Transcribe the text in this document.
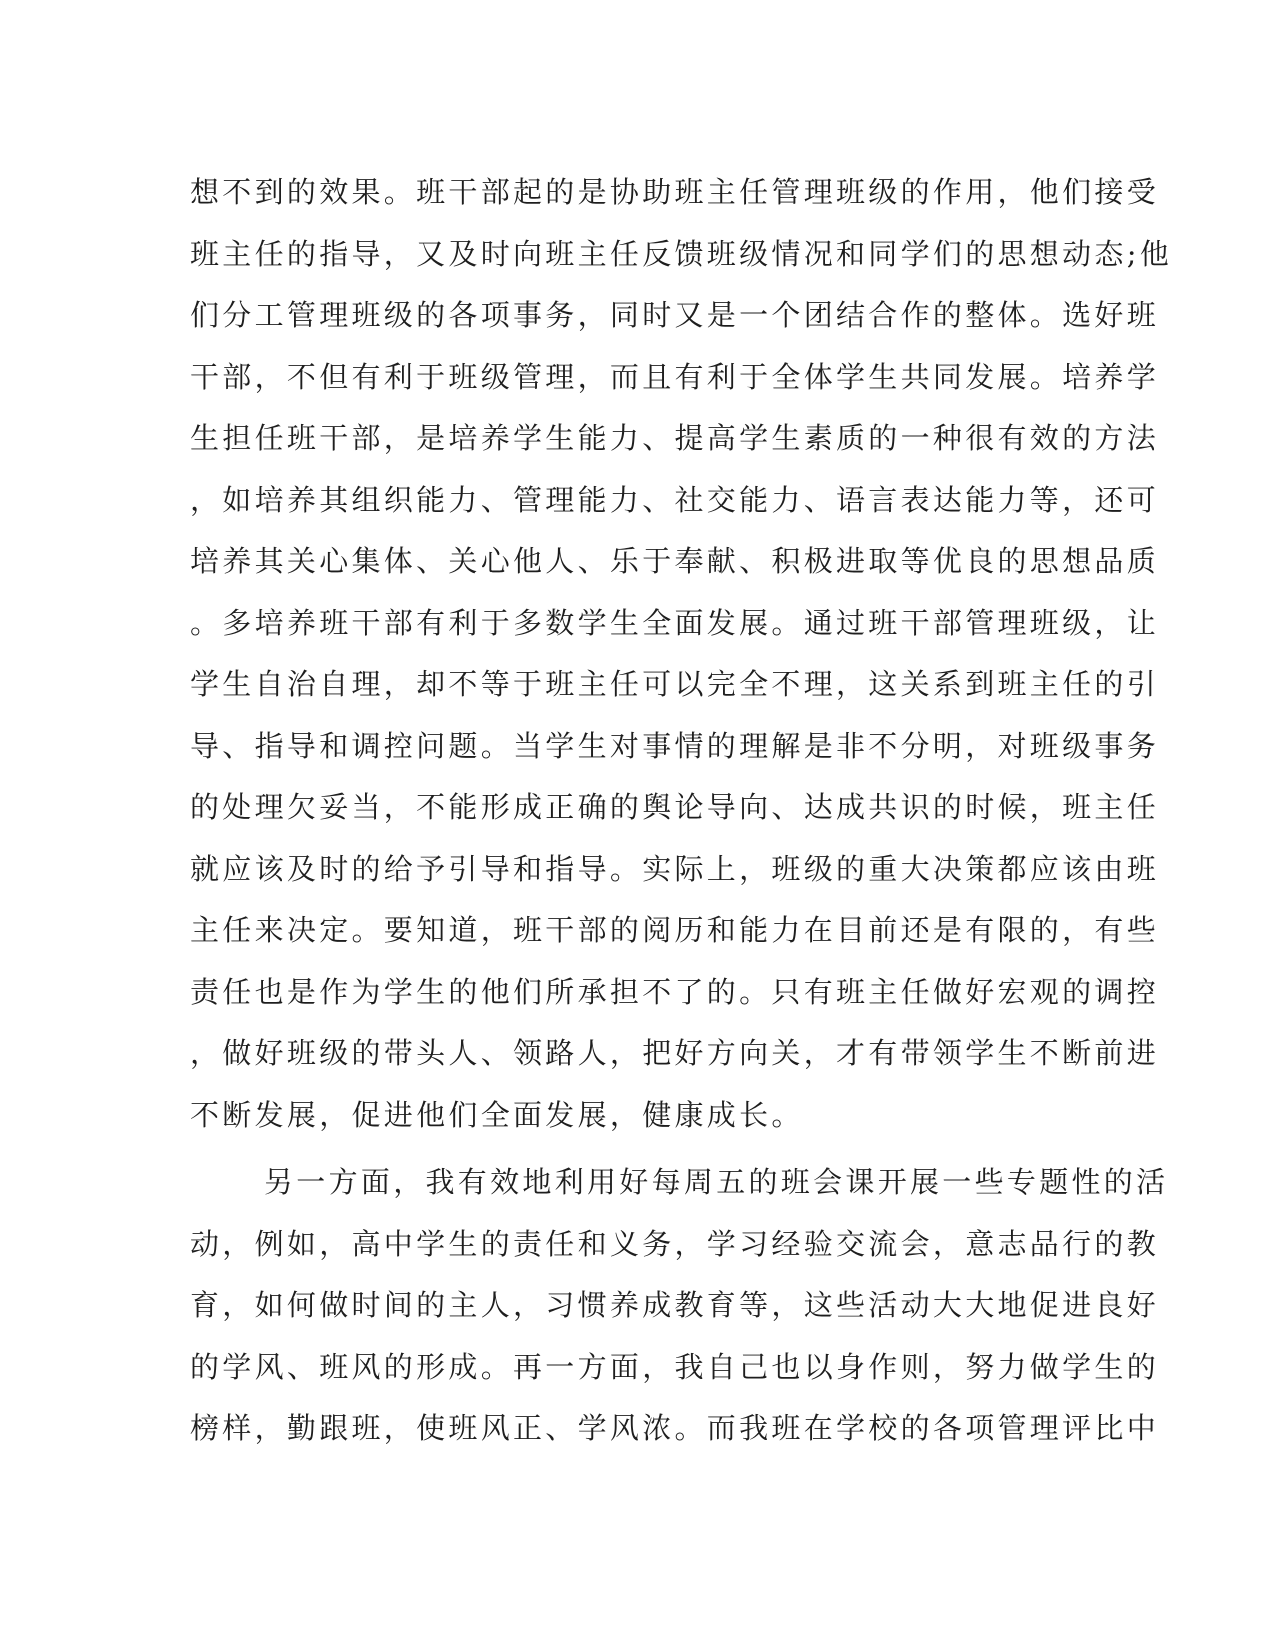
想不到的效果。班干部起的是协助班主任管理班级的作用，他们接受
班主任的指导，又及时向班主任反馈班级情况和同学们的思想动态;他
们分工管理班级的各项事务，同时又是一个团结合作的整体。选好班
干部，不但有利于班级管理，而且有利于全体学生共同发展。培养学
生担任班干部，是培养学生能力、提高学生素质的一种很有效的方法
，如培养其组织能力、管理能力、社交能力、语言表达能力等，还可
培养其关心集体、关心他人、乐于奉献、积极进取等优良的思想品质
。多培养班干部有利于多数学生全面发展。通过班干部管理班级，让
学生自治自理，却不等于班主任可以完全不理，这关系到班主任的引
导、指导和调控问题。当学生对事情的理解是非不分明，对班级事务
的处理欠妥当，不能形成正确的舆论导向、达成共识的时候，班主任
就应该及时的给予引导和指导。实际上，班级的重大决策都应该由班
主任来决定。要知道，班干部的阅历和能力在目前还是有限的，有些
责任也是作为学生的他们所承担不了的。只有班主任做好宏观的调控
，做好班级的带头人、领路人，把好方向关，才有带领学生不断前进
不断发展，促进他们全面发展，健康成长。
另一方面，我有效地利用好每周五的班会课开展一些专题性的活
动，例如，高中学生的责任和义务，学习经验交流会，意志品行的教
育，如何做时间的主人，习惯养成教育等，这些活动大大地促进良好
的学风、班风的形成。再一方面，我自己也以身作则，努力做学生的
榜样，勤跟班，使班风正、学风浓。而我班在学校的各项管理评比中
